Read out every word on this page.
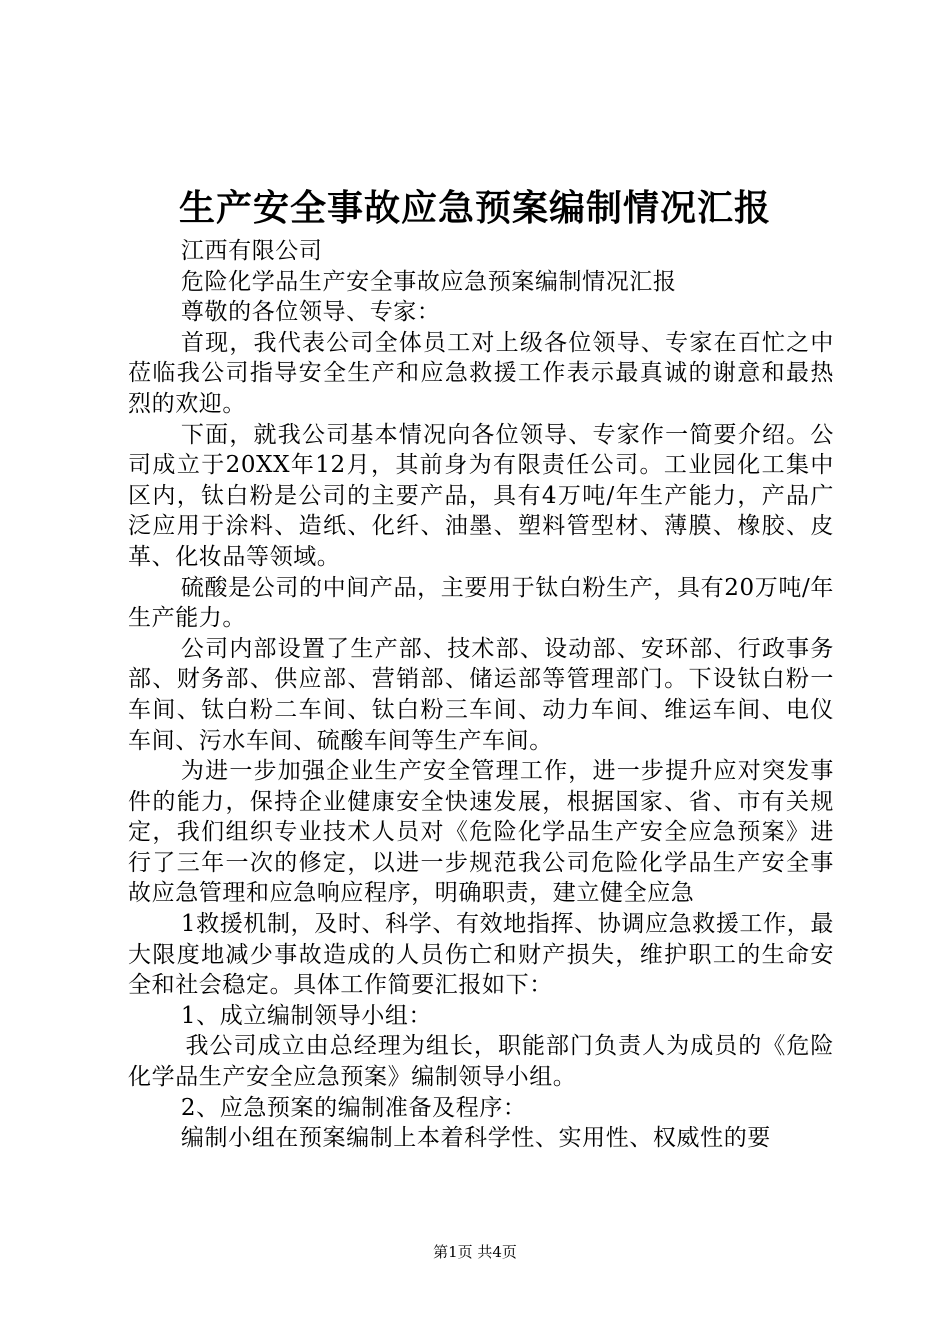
生产安全事故应急预案编制情况汇报

江西有限公司

危险化学品生产安全事故应急预案编制情况汇报

尊敬的各位领导、专家：

首现，我代表公司全体员工对上级各位领导、专家在百忙之中莅临我公司指导安全生产和应急救援工作表示最真诚的谢意和最热烈的欢迎。

下面，就我公司基本情况向各位领导、专家作一简要介绍。公司成立于20XX年12月，其前身为有限责任公司。工业园化工集中区内，钛白粉是公司的主要产品，具有4万吨/年生产能力，产品广泛应用于涂料、造纸、化纤、油墨、塑料管型材、薄膜、橡胶、皮革、化妆品等领域。

硫酸是公司的中间产品，主要用于钛白粉生产，具有20万吨/年生产能力。

公司内部设置了生产部、技术部、设动部、安环部、行政事务部、财务部、供应部、营销部、储运部等管理部门。下设钛白粉一车间、钛白粉二车间、钛白粉三车间、动力车间、维运车间、电仪车间、污水车间、硫酸车间等生产车间。

为进一步加强企业生产安全管理工作，进一步提升应对突发事件的能力，保持企业健康安全快速发展，根据国家、省、市有关规定，我们组织专业技术人员对《危险化学品生产安全应急预案》进行了三年一次的修定，以进一步规范我公司危险化学品生产安全事故应急管理和应急响应程序，明确职责，建立健全应急

1救援机制，及时、科学、有效地指挥、协调应急救援工作，最大限度地减少事故造成的人员伤亡和财产损失，维护职工的生命安全和社会稳定。具体工作简要汇报如下：

1、成立编制领导小组：

我公司成立由总经理为组长，职能部门负责人为成员的《危险化学品生产安全应急预案》编制领导小组。

2、应急预案的编制准备及程序：

编制小组在预案编制上本着科学性、实用性、权威性的要

第1页 共4页
